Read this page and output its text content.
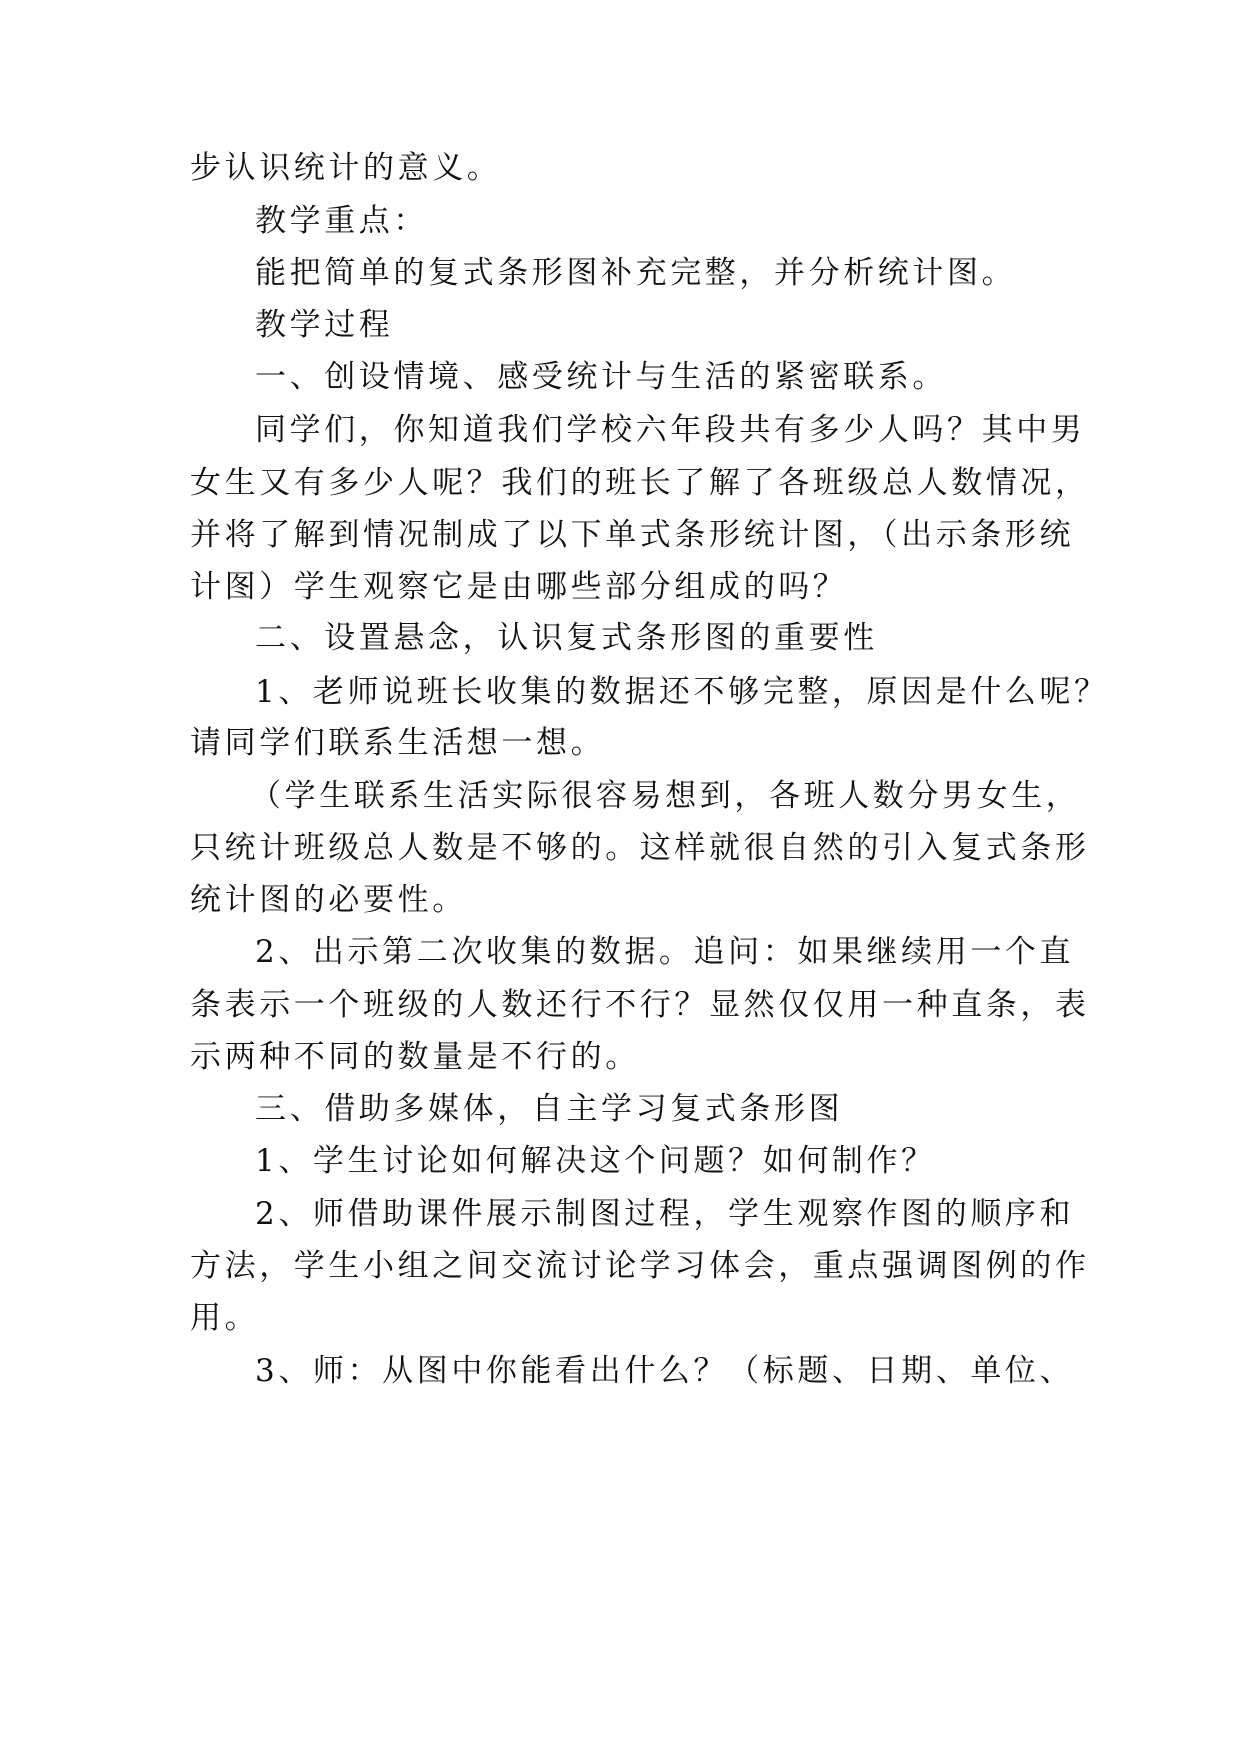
步认识统计的意义。
教学重点：
能把简单的复式条形图补充完整，并分析统计图。
教学过程
一、创设情境、感受统计与生活的紧密联系。
同学们，你知道我们学校六年段共有多少人吗？其中男
女生又有多少人呢？我们的班长了解了各班级总人数情况，
并将了解到情况制成了以下单式条形统计图，（出示条形统
计图）学生观察它是由哪些部分组成的吗？
二、设置悬念，认识复式条形图的重要性
1、老师说班长收集的数据还不够完整，原因是什么呢？
请同学们联系生活想一想。
（学生联系生活实际很容易想到，各班人数分男女生，
只统计班级总人数是不够的。这样就很自然的引入复式条形
统计图的必要性。
2、出示第二次收集的数据。追问：如果继续用一个直
条表示一个班级的人数还行不行？显然仅仅用一种直条，表
示两种不同的数量是不行的。
三、借助多媒体，自主学习复式条形图
1、学生讨论如何解决这个问题？如何制作？
2、师借助课件展示制图过程，学生观察作图的顺序和
方法，学生小组之间交流讨论学习体会，重点强调图例的作
用。
3、师：从图中你能看出什么？（标题、日期、单位、
